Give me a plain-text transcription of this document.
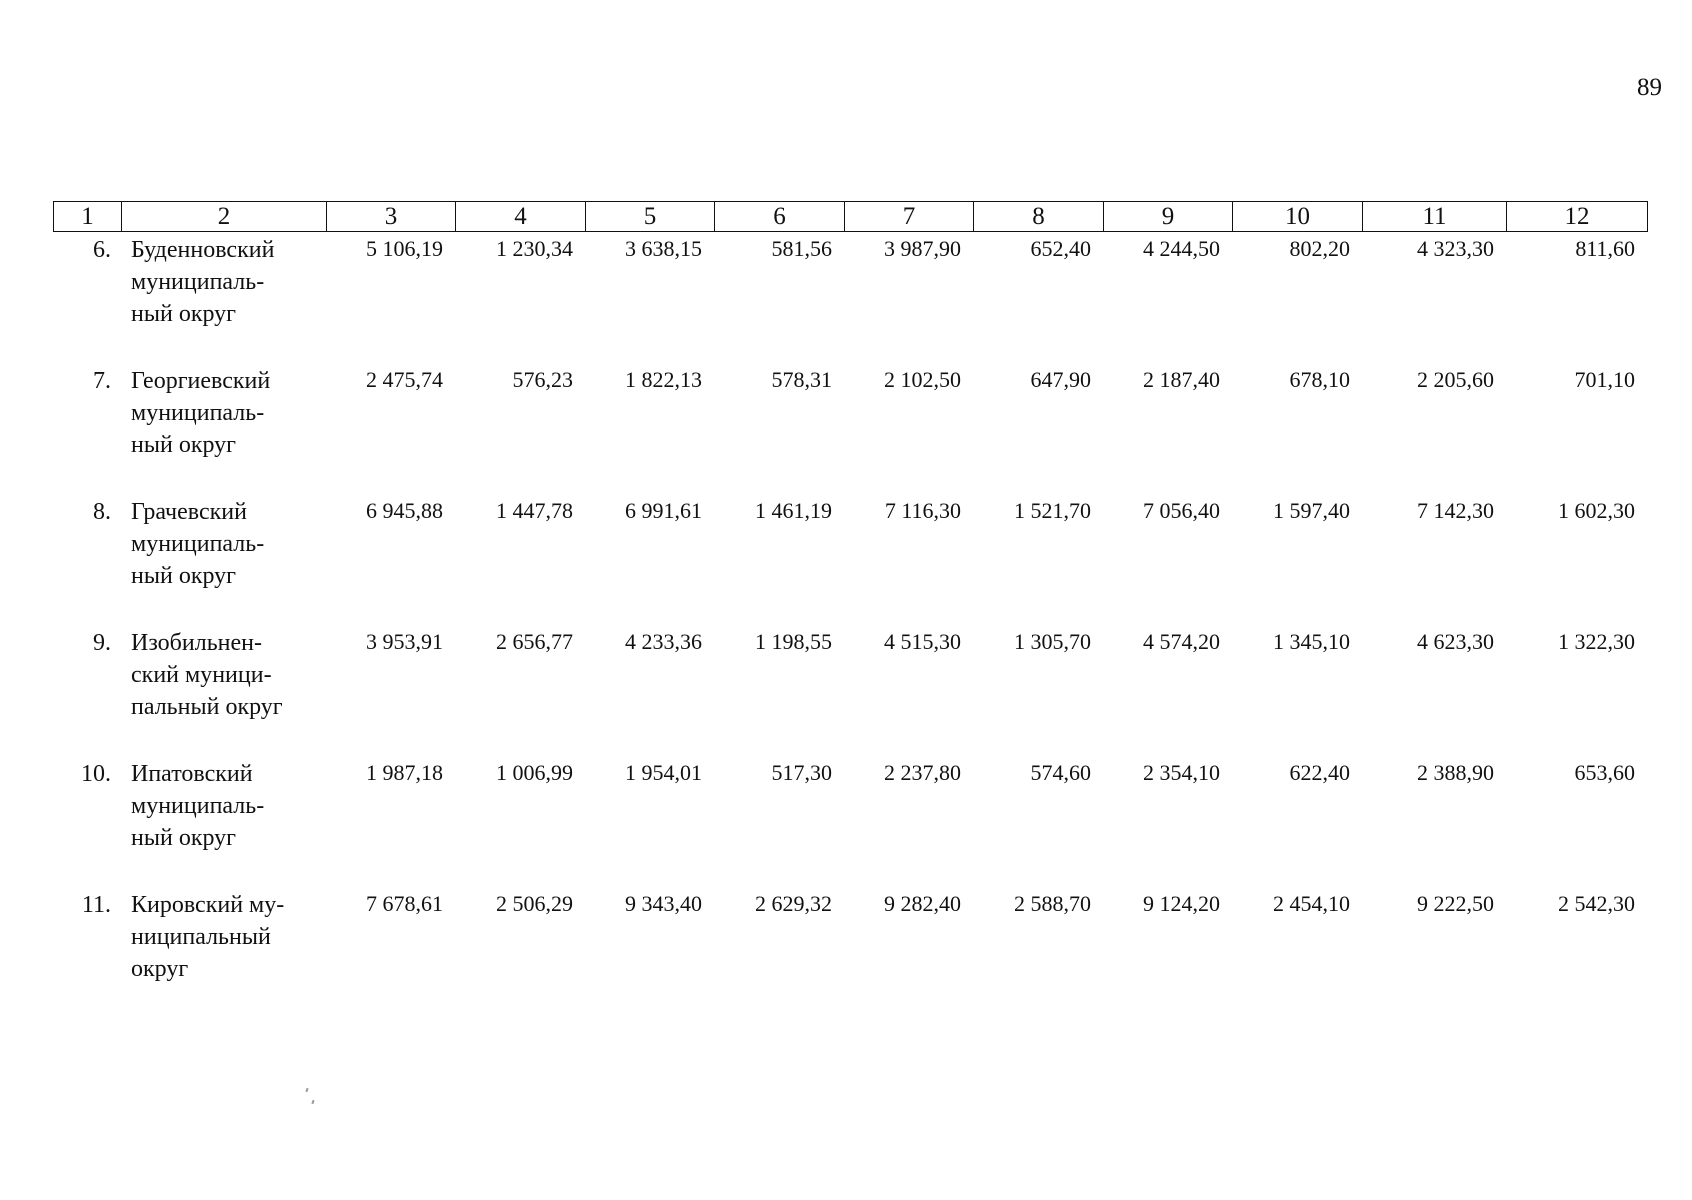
89
1	2	3	4	5	6	7	8	9	10	11	12
6.	Буденновский
муниципаль-
ный округ	5 106,19	1 230,34	3 638,15	581,56	3 987,90	652,40	4 244,50	802,20	4 323,30	811,60
7.	Георгиевский
муниципаль-
ный округ	2 475,74	576,23	1 822,13	578,31	2 102,50	647,90	2 187,40	678,10	2 205,60	701,10
8.	Грачевский
муниципаль-
ный округ	6 945,88	1 447,78	6 991,61	1 461,19	7 116,30	1 521,70	7 056,40	1 597,40	7 142,30	1 602,30
9.	Изобильнен-
ский муници-
пальный округ	3 953,91	2 656,77	4 233,36	1 198,55	4 515,30	1 305,70	4 574,20	1 345,10	4 623,30	1 322,30
10.	Ипатовский
муниципаль-
ный округ	1 987,18	1 006,99	1 954,01	517,30	2 237,80	574,60	2 354,10	622,40	2 388,90	653,60
11.	Кировский му-
ниципальный
округ	7 678,61	2 506,29	9 343,40	2 629,32	9 282,40	2 588,70	9 124,20	2 454,10	9 222,50	2 542,30
